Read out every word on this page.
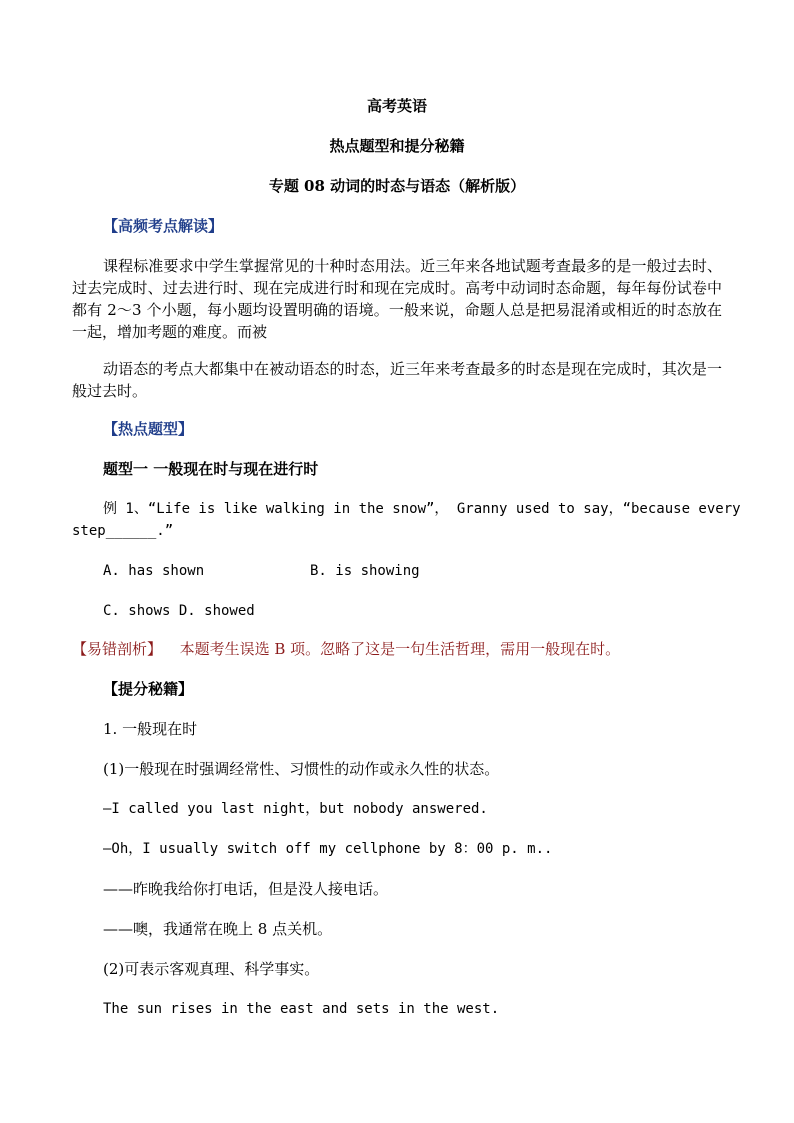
高考英语
热点题型和提分秘籍
专题 08 动词的时态与语态（解析版）
【高频考点解读】
课程标准要求中学生掌握常见的十种时态用法。近三年来各地试题考查最多的是一般过去时、过去完成时、过去进行时、现在完成进行时和现在完成时。高考中动词时态命题，每年每份试卷中都有 2～3 个小题，每小题均设置明确的语境。一般来说，命题人总是把易混淆或相近的时态放在一起，增加考题的难度。而被
动语态的考点大都集中在被动语态的时态，近三年来考查最多的时态是现在完成时，其次是一般过去时。
【热点题型】
题型一 一般现在时与现在进行时
例 1、“Life is like walking in the snow”， Granny used to say，“because every
step______.”
A. has shown	B. is showing
C. shows D. showed
【易错剖析】 本题考生误选 B 项。忽略了这是一句生活哲理，需用一般现在时。
【提分秘籍】
1. 一般现在时
(1)一般现在时强调经常性、习惯性的动作或永久性的状态。
—I called you last night，but nobody answered.
—Oh，I usually switch off my cellphone by 8：00 p. m..
——昨晚我给你打电话，但是没人接电话。
——噢，我通常在晚上 8 点关机。
(2)可表示客观真理、科学事实。
The sun rises in the east and sets in the west.
